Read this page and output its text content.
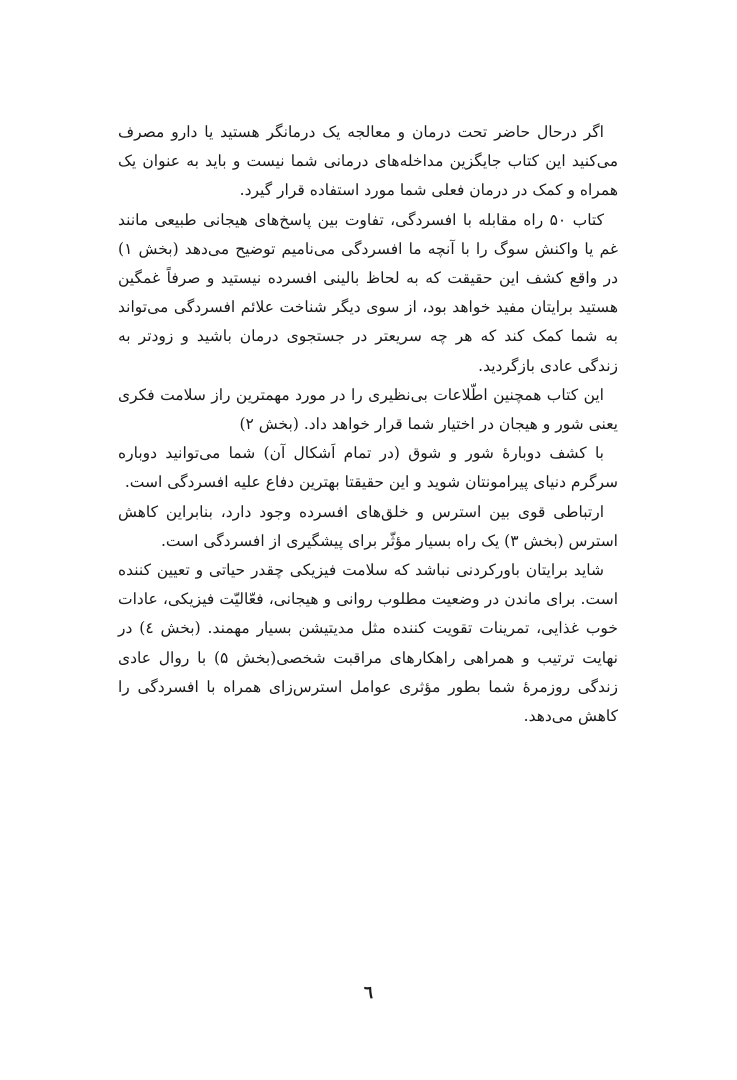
اگر درحال حاضر تحت درمان و معالجه یک درمانگر هستید یا دارو مصرف می‌کنید این کتاب جایگزین مداخله‌های درمانی شما نیست و باید به عنوان یک همراه و کمک در درمان فعلی شما مورد استفاده قرار گیرد.

کتاب ۵۰ راه مقابله با افسردگی، تفاوت بین پاسخ‌های هیجانی طبیعی مانند غم یا واکنش سوگ را با آنچه ما افسردگی می‌نامیم توضیح می‌دهد (بخش ۱) در واقع کشف این حقیقت که به لحاظ بالینی افسرده نیستید و صرفاً غمگین هستید برایتان مفید خواهد بود، از سوی دیگر شناخت علائم افسردگی می‌تواند به شما کمک کند که هر چه سریعتر در جستجوی درمان باشید و زودتر به زندگی عادی بازگردید.

این کتاب همچنین اطّلاعات بی‌نظیری را در مورد مهمترین راز سلامت فکری یعنی شور و هیجان در اختیار شما قرار خواهد داد. (بخش ۲)

با کشف دوبارهٔ شور و شوق (در تمام اَشکال آن) شما می‌توانید دوباره سرگرم دنیای پیرامونتان شوید و این حقیقتا بهترین دفاع علیه افسردگی است.

ارتباطی قوی بین استرس و خلق‌های افسرده وجود دارد، بنابراین کاهش استرس (بخش ۳) یک راه بسیار مؤثّر برای پیشگیری از افسردگی است.

شاید برایتان باورکردنی نباشد که سلامت فیزیکی چقدر حیاتی و تعیین کننده است. برای ماندن در وضعیت مطلوب روانی و هیجانی، فعّالیّت فیزیکی، عادات خوب غذایی، تمرینات تقویت کننده مثل مدیتیشن بسیار مهمند. (بخش ٤) در نهایت ترتیب و همراهی راهکارهای مراقبت شخصی(بخش ۵) با روال عادی زندگی روزمرهٔ شما بطور مؤثری عوامل استرس‌زای همراه با افسردگی را کاهش می‌دهد.

٦
